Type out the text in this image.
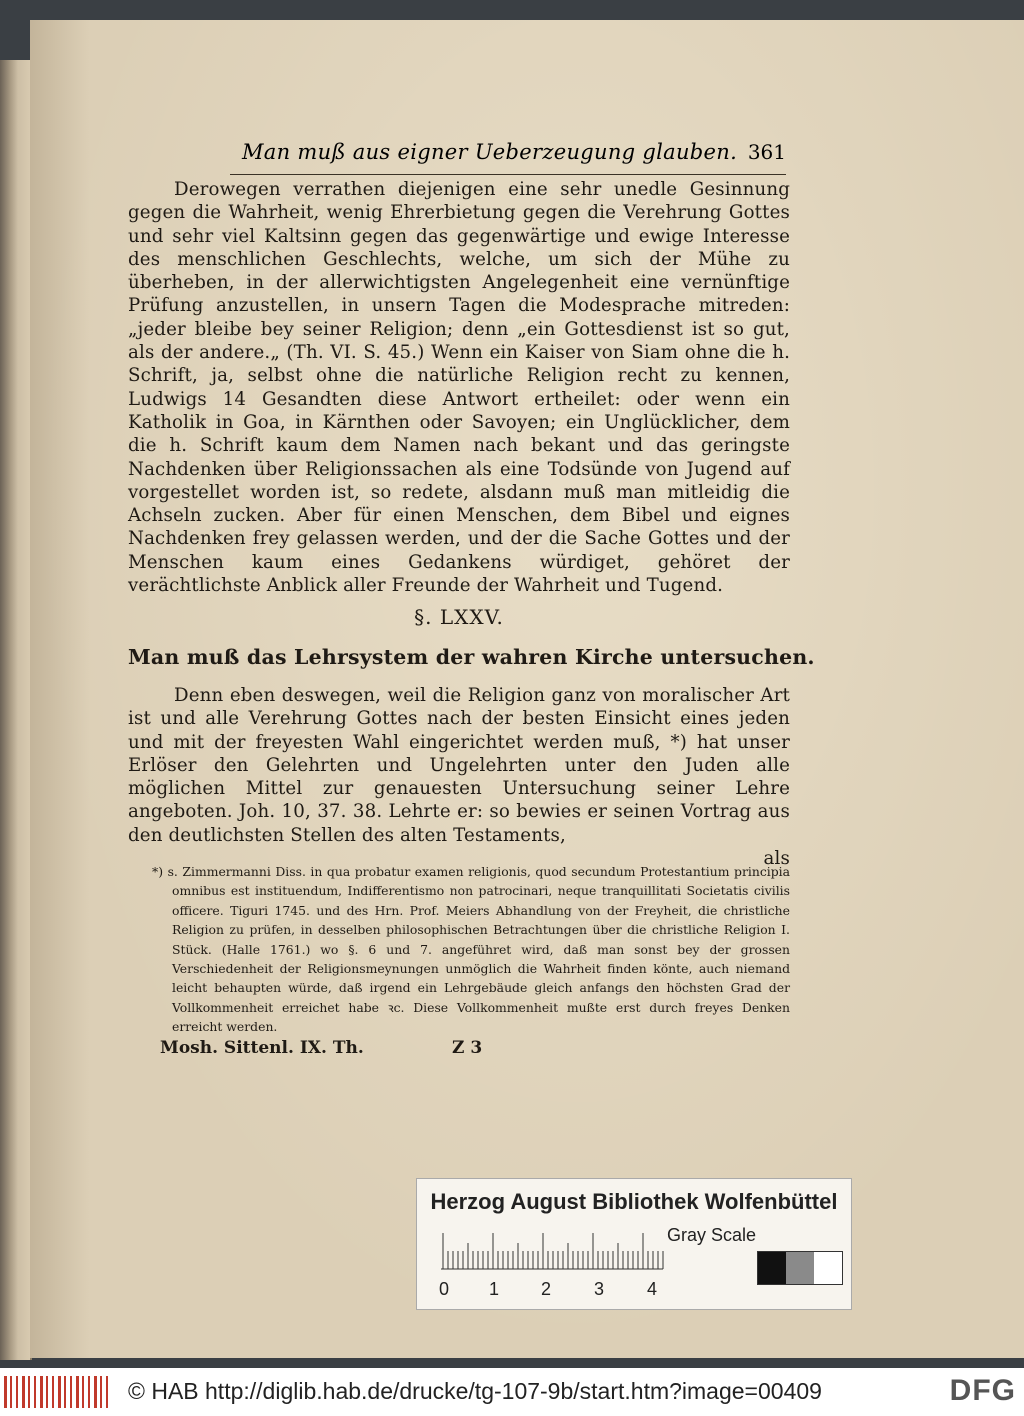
Man muß aus eigner Ueberzeugung glauben. 361

Derowegen verrathen diejenigen eine sehr unedle Gesinnung gegen die Wahrheit, wenig Ehrerbietung gegen die Verehrung Gottes und sehr viel Kaltsinn gegen das gegenwärtige und ewige Interesse des menschlichen Geschlechts, welche, um sich der Mühe zu überheben, in der allerwichtigsten Angelegenheit eine vernünftige Prüfung anzustellen, in unsern Tagen die Modesprache mitreden: „jeder bleibe bey seiner Religion; denn „ein Gottesdienst ist so gut, als der andere.„ (Th. VI. S. 45.) Wenn ein Kaiser von Siam ohne die h. Schrift, ja, selbst ohne die natürliche Religion recht zu kennen, Ludwigs 14 Gesandten diese Antwort ertheilet: oder wenn ein Katholik in Goa, in Kärnthen oder Savoyen; ein Unglücklicher, dem die h. Schrift kaum dem Namen nach bekant und das geringste Nachdenken über Religionssachen als eine Todsünde von Jugend auf vorgestellet worden ist, so redete, alsdann muß man mitleidig die Achseln zucken. Aber für einen Menschen, dem Bibel und eignes Nachdenken frey gelassen werden, und der die Sache Gottes und der Menschen kaum eines Gedankens würdiget, gehöret der verächtlichste Anblick aller Freunde der Wahrheit und Tugend.

§. LXXV.
Man muß das Lehrsystem der wahren Kirche untersuchen.

Denn eben deswegen, weil die Religion ganz von moralischer Art ist und alle Verehrung Gottes nach der besten Einsicht eines jeden und mit der freyesten Wahl eingerichtet werden muß, *) hat unser Erlöser den Gelehrten und Ungelehrten unter den Juden alle möglichen Mittel zur genauesten Untersuchung seiner Lehre angeboten. Joh. 10, 37. 38. Lehrte er: so bewies er seinen Vortrag aus den deutlichsten Stellen des alten Testaments,

als

*) s. Zimmermanni Diss. in qua probatur examen religionis, quod secundum Protestantium principia omnibus est instituendum, Indifferentismo non patrocinari, neque tranquillitati Societatis civilis officere. Tiguri 1745. und des Hrn. Prof. Meiers Abhandlung von der Freyheit, die christliche Religion zu prüfen, in desselben philosophischen Betrachtungen über die christliche Religion I. Stück. (Halle 1761.) wo §. 6 und 7. angeführet wird, daß man sonst bey der grossen Verschiedenheit der Religionsmeynungen unmöglich die Wahrheit finden könte, auch niemand leicht behaupten würde, daß irgend ein Lehrgebäude gleich anfangs den höchsten Grad der Vollkommenheit erreichet habe ꝛc. Diese Vollkommenheit mußte erst durch freyes Denken erreicht werden.

Mosh. Sittenl. IX. Th.	Z 3
Herzog August Bibliothek Wolfenbüttel
Gray Scale
0 1 2 3 4
© HAB http://diglib.hab.de/drucke/tg-107-9b/start.htm?image=00409	DFG
